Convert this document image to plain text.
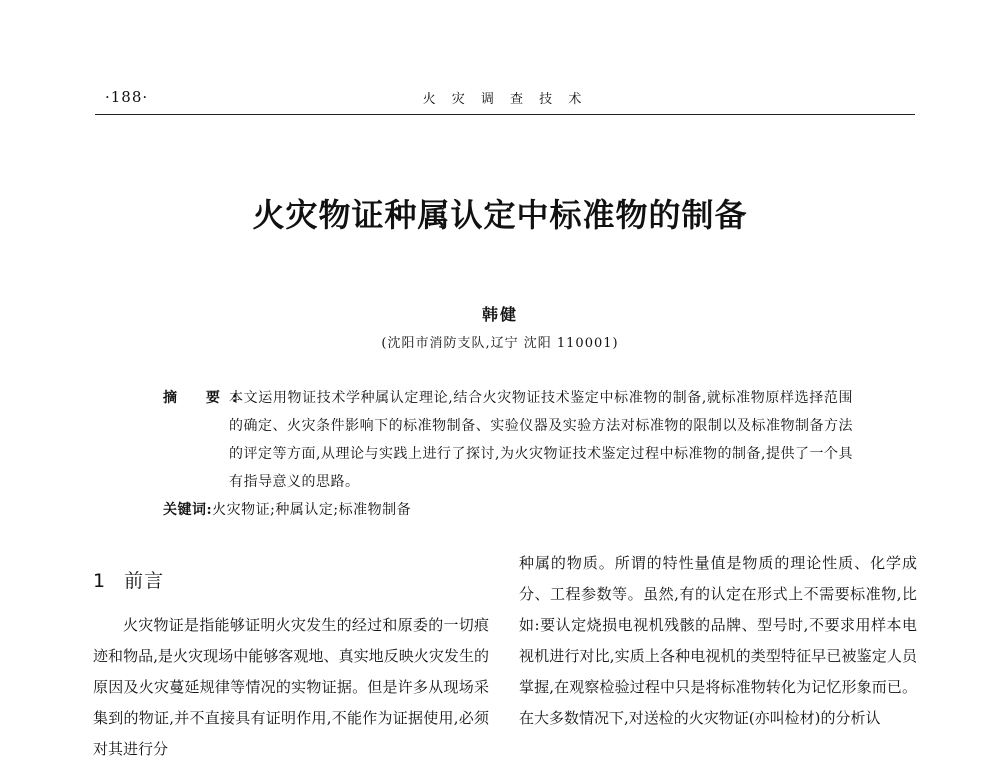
·188·	火 灾 调 查 技 术
火灾物证种属认定中标准物的制备
韩健
(沈阳市消防支队,辽宁 沈阳 110001)
摘 要:
本文运用物证技术学种属认定理论,结合火灾物证技术鉴定中标准物的制备,就标准物原样选择范围的确定、火灾条件影响下的标准物制备、实验仪器及实验方法对标准物的限制以及标准物制备方法的评定等方面,从理论与实践上进行了探讨,为火灾物证技术鉴定过程中标准物的制备,提供了一个具有指导意义的思路。
关键词:火灾物证;种属认定;标准物制备
1 前言

火灾物证是指能够证明火灾发生的经过和原委的一切痕迹和物品,是火灾现场中能够客观地、真实地反映火灾发生的原因及火灾蔓延规律等情况的实物证据。但是许多从现场采集到的物证,并不直接具有证明作用,不能作为证据使用,必须对其进行分

种属的物质。所谓的特性量值是物质的理论性质、化学成分、工程参数等。虽然,有的认定在形式上不需要标准物,比如:要认定烧损电视机残骸的品牌、型号时,不要求用样本电视机进行对比,实质上各种电视机的类型特征早已被鉴定人员掌握,在观察检验过程中只是将标准物转化为记忆形象而已。在大多数情况下,对送检的火灾物证(亦叫检材)的分析认
